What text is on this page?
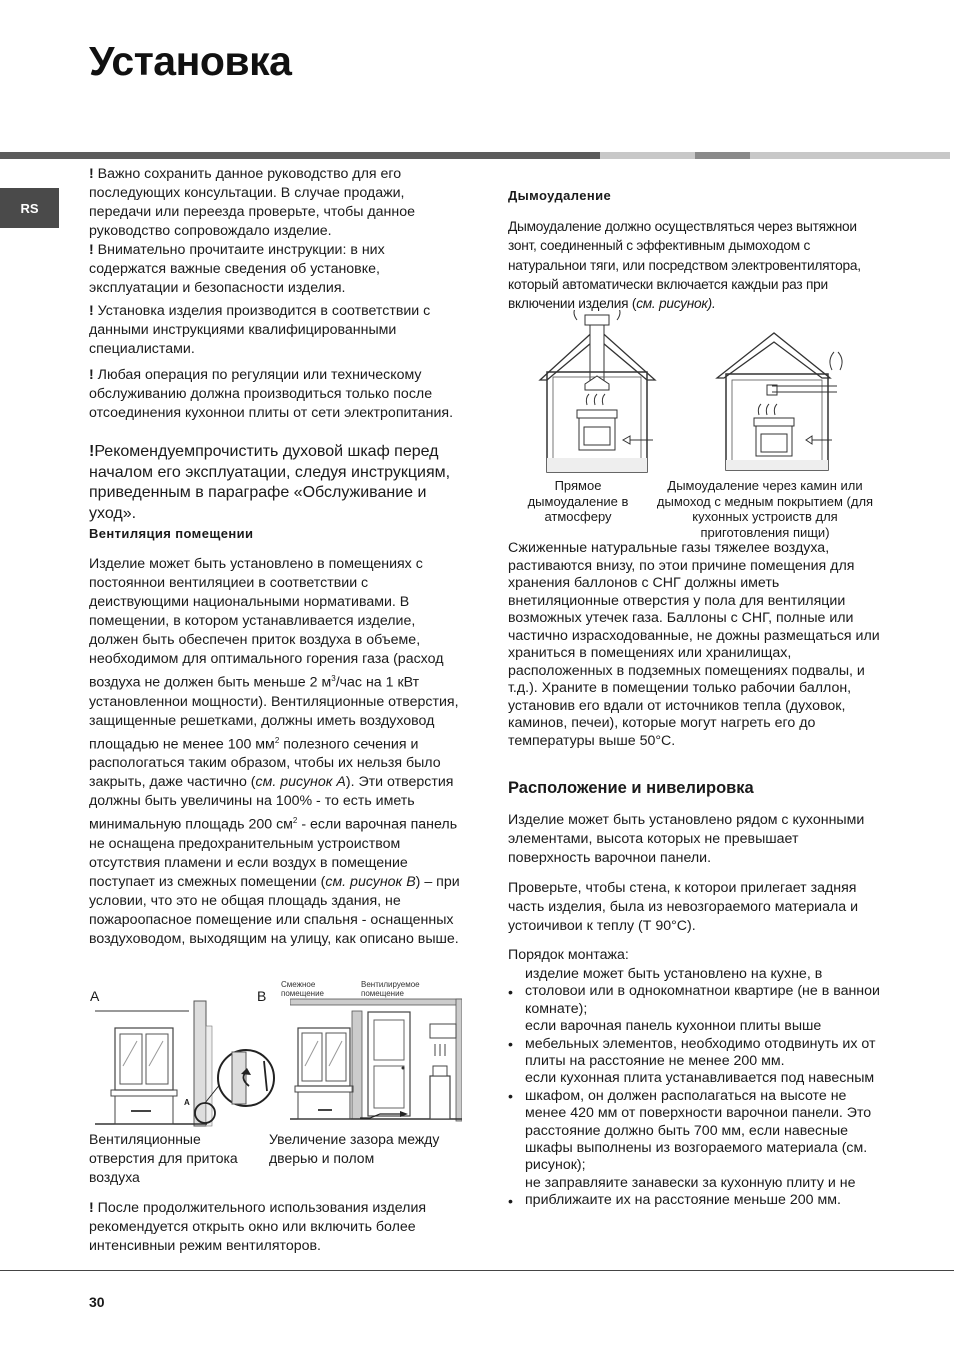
Установка
RS

! Важно сохранить данное руководство для его последующих консультации. В случае продажи, передачи или переезда проверьте, чтобы данное руководство сопровождало изделие.

! Внимательно прочитаите инструкции: в них содержатся важные сведения об установке, эксплуатации и безопасности изделия.

! Установка изделия производится в соответствии с данными инструкциями квалифицированными специалистами.

! Любая операция по регуляции или техническому обслуживанию должна производиться только после отсоединения кухоннои плиты от сети электропитания.

!Рекомендуемпрочистить духовой шкаф перед началом его эксплуатации, следуя инструкциям, приведенным в параграфе «Обслуживание и уход».
Вентиляция помещении

Изделие может быть установлено в помещениях с постояннои вентиляциеи в соответствии с деиствующими национальными нормативами. В помещении, в котором устанавливается изделие, должен быть обеспечен приток воздуха в объеме, необходимом для оптимального горения газа (расход воздуха не должен быть меньше 2 $м^3$/час на 1 кВт установленнои мощности). Вентиляционные отверстия, защищенные решетками, должны иметь воздуховод площадью не менее 100 $мм^2$ полезного сечения и распологаться таким образом, чтобы их нельзя было закрыть, даже частично (см. рисунок А). Эти отверстия должны быть увеличины на 100% - то есть иметь минимальную площадь 200 $см^2$ - если варочная панель не оснащена предохранительным устроиством отсутствия пламени и если воздух в помещение поступает из смежных помещении (см. рисунок В) – при условии, что это не общая площадь здания, не пожароопасное помещение или спальня - оснащенных воздуховодом, выходящим на улицу, как описано выше.

А	В
Смежное помещение
Вентилируемое помещение
A
Вентиляционные отверстия для притока воздуха
Увеличение зазора между дверью и полом

! После продолжительного использования изделия рекомендуется открыть окно или включить более интенсивныи режим вентиляторов.

Дымоудаление
Дымоудаление должно осуществляться через вытяжнои зонт, соединенный с эффективным дымоходом с натуральнои тяги, или посредством электровентилятора, который автоматически включается каждыи раз при включении изделия (см. рисунок).
Прямое дымоудаление в атмосферу
Дымоудаление через камин или дымоход с медным покрытием (для кухонных устроиств для приготовления пищи)
Сжиженные натуральные газы тяжелее воздуха, растиваются внизу, по этои причине помещения для хранения баллонов с СНГ должны иметь внетиляционные отверстия у пола для вентиляции возможных утечек газа. Баллоны с СНГ, полные или частично израсходованные, не дожны размещаться или храниться в помещениях или хранилищах, расположенных в подземных помещениях подвалы, и т.д.). Храните в помещении только рабочии баллон, установив его вдали от источников тепла (духовок, каминов, печеи), которые могут нагреть его до температуры выше 50°С.
Расположение и нивелировка
Изделие может быть установлено рядом с кухонными элементами, высота которых не превышает поверхность варочнои панели.
Проверьте, чтобы стена, к которои прилегает задняя часть изделия, была из невозгораемого материала и устоичивои к теплу (Т 90°С).
Порядок монтажа:
• изделие может быть установлено на кухне, в столовои или в однокомнатнои квартире (не в ваннои комнате);
• если варочная панель кухоннои плиты выше мебельных элементов, необходимо отодвинуть их от плиты на расстояние не менее 200 мм.
• если кухонная плита устанавливается под навесным шкафом, он должен располагаться на высоте не менее 420 мм от поверхности варочнои панели. Это расстояние должно быть 700 мм, если навесные шкафы выполнены из возгораемого материала (см. рисунок);
• не заправляите занавески за кухонную плиту и не приближаите их на расстояние меньше 200 мм.
30
